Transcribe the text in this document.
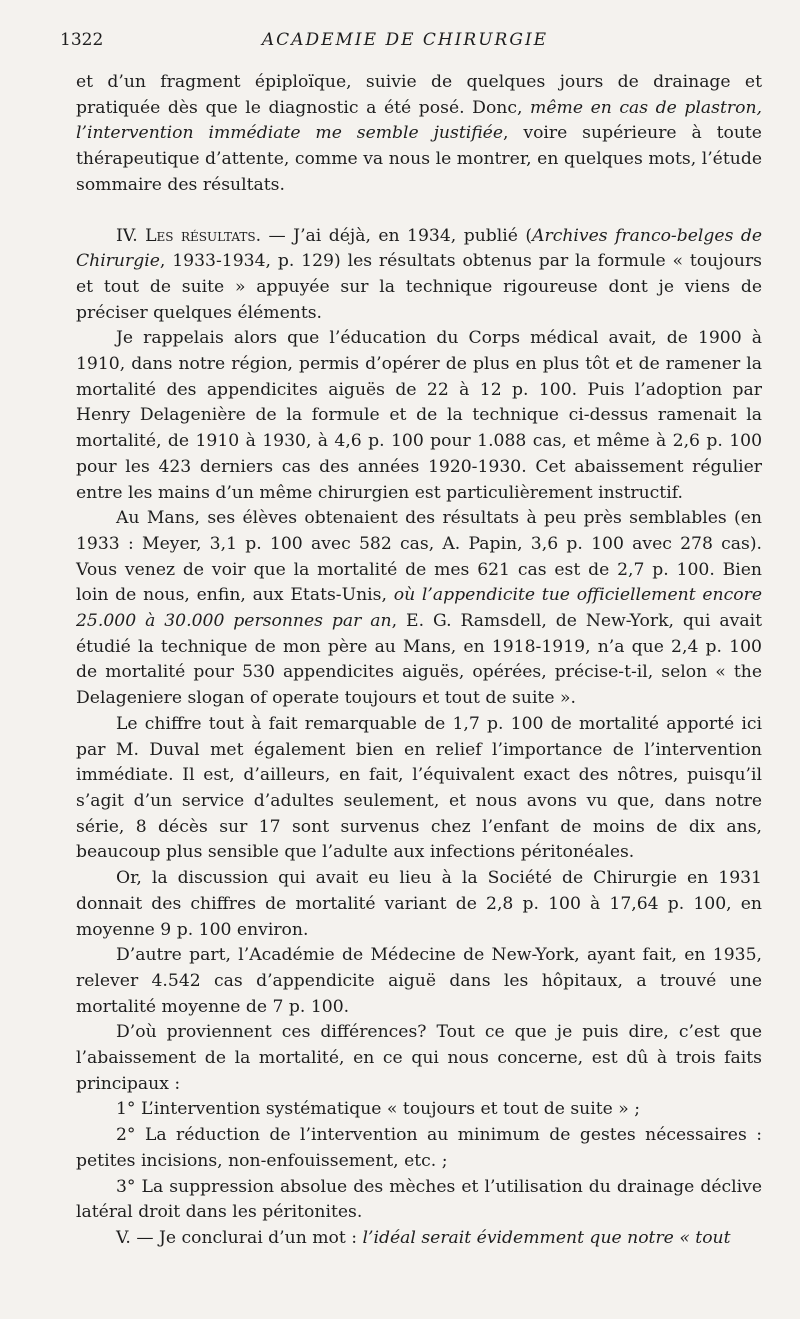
1322	ACADEMIE DE CHIRURGIE

et d’un fragment épiploïque, suivie de quelques jours de drainage et pratiquée dès que le diagnostic a été posé. Donc, même en cas de plastron, l’intervention immédiate me semble justifiée, voire supérieure à toute thérapeutique d’attente, comme va nous le montrer, en quelques mots, l’étude sommaire des résultats.

IV. Les résultats. — J’ai déjà, en 1934, publié (Archives franco-belges de Chirurgie, 1933-1934, p. 129) les résultats obtenus par la formule « toujours et tout de suite » appuyée sur la technique rigoureuse dont je viens de préciser quelques éléments.

Je rappelais alors que l’éducation du Corps médical avait, de 1900 à 1910, dans notre région, permis d’opérer de plus en plus tôt et de ramener la mortalité des appendicites aiguës de 22 à 12 p. 100. Puis l’adoption par Henry Delagenière de la formule et de la technique ci-dessus ramenait la mortalité, de 1910 à 1930, à 4,6 p. 100 pour 1.088 cas, et même à 2,6 p. 100 pour les 423 derniers cas des années 1920-1930. Cet abaissement régulier entre les mains d’un même chirurgien est particulièrement instructif.

Au Mans, ses élèves obtenaient des résultats à peu près semblables (en 1933 : Meyer, 3,1 p. 100 avec 582 cas, A. Papin, 3,6 p. 100 avec 278 cas). Vous venez de voir que la mortalité de mes 621 cas est de 2,7 p. 100. Bien loin de nous, enfin, aux Etats-Unis, où l’appendicite tue officiellement encore 25.000 à 30.000 personnes par an, E. G. Ramsdell, de New-York, qui avait étudié la technique de mon père au Mans, en 1918-1919, n’a que 2,4 p. 100 de mortalité pour 530 appendicites aiguës, opérées, précise-t-il, selon « the Delageniere slogan of operate toujours et tout de suite ».

Le chiffre tout à fait remarquable de 1,7 p. 100 de mortalité apporté ici par M. Duval met également bien en relief l’importance de l’intervention immédiate. Il est, d’ailleurs, en fait, l’équivalent exact des nôtres, puisqu’il s’agit d’un service d’adultes seulement, et nous avons vu que, dans notre série, 8 décès sur 17 sont survenus chez l’enfant de moins de dix ans, beaucoup plus sensible que l’adulte aux infections péritonéales.

Or, la discussion qui avait eu lieu à la Société de Chirurgie en 1931 donnait des chiffres de mortalité variant de 2,8 p. 100 à 17,64 p. 100, en moyenne 9 p. 100 environ.

D’autre part, l’Académie de Médecine de New-York, ayant fait, en 1935, relever 4.542 cas d’appendicite aiguë dans les hôpitaux, a trouvé une mortalité moyenne de 7 p. 100.

D’où proviennent ces différences? Tout ce que je puis dire, c’est que l’abaissement de la mortalité, en ce qui nous concerne, est dû à trois faits principaux :

1° L’intervention systématique « toujours et tout de suite » ;

2° La réduction de l’intervention au minimum de gestes nécessaires : petites incisions, non-enfouissement, etc. ;

3° La suppression absolue des mèches et l’utilisation du drainage déclive latéral droit dans les péritonites.

V. — Je conclurai d’un mot : l’idéal serait évidemment que notre « tout
